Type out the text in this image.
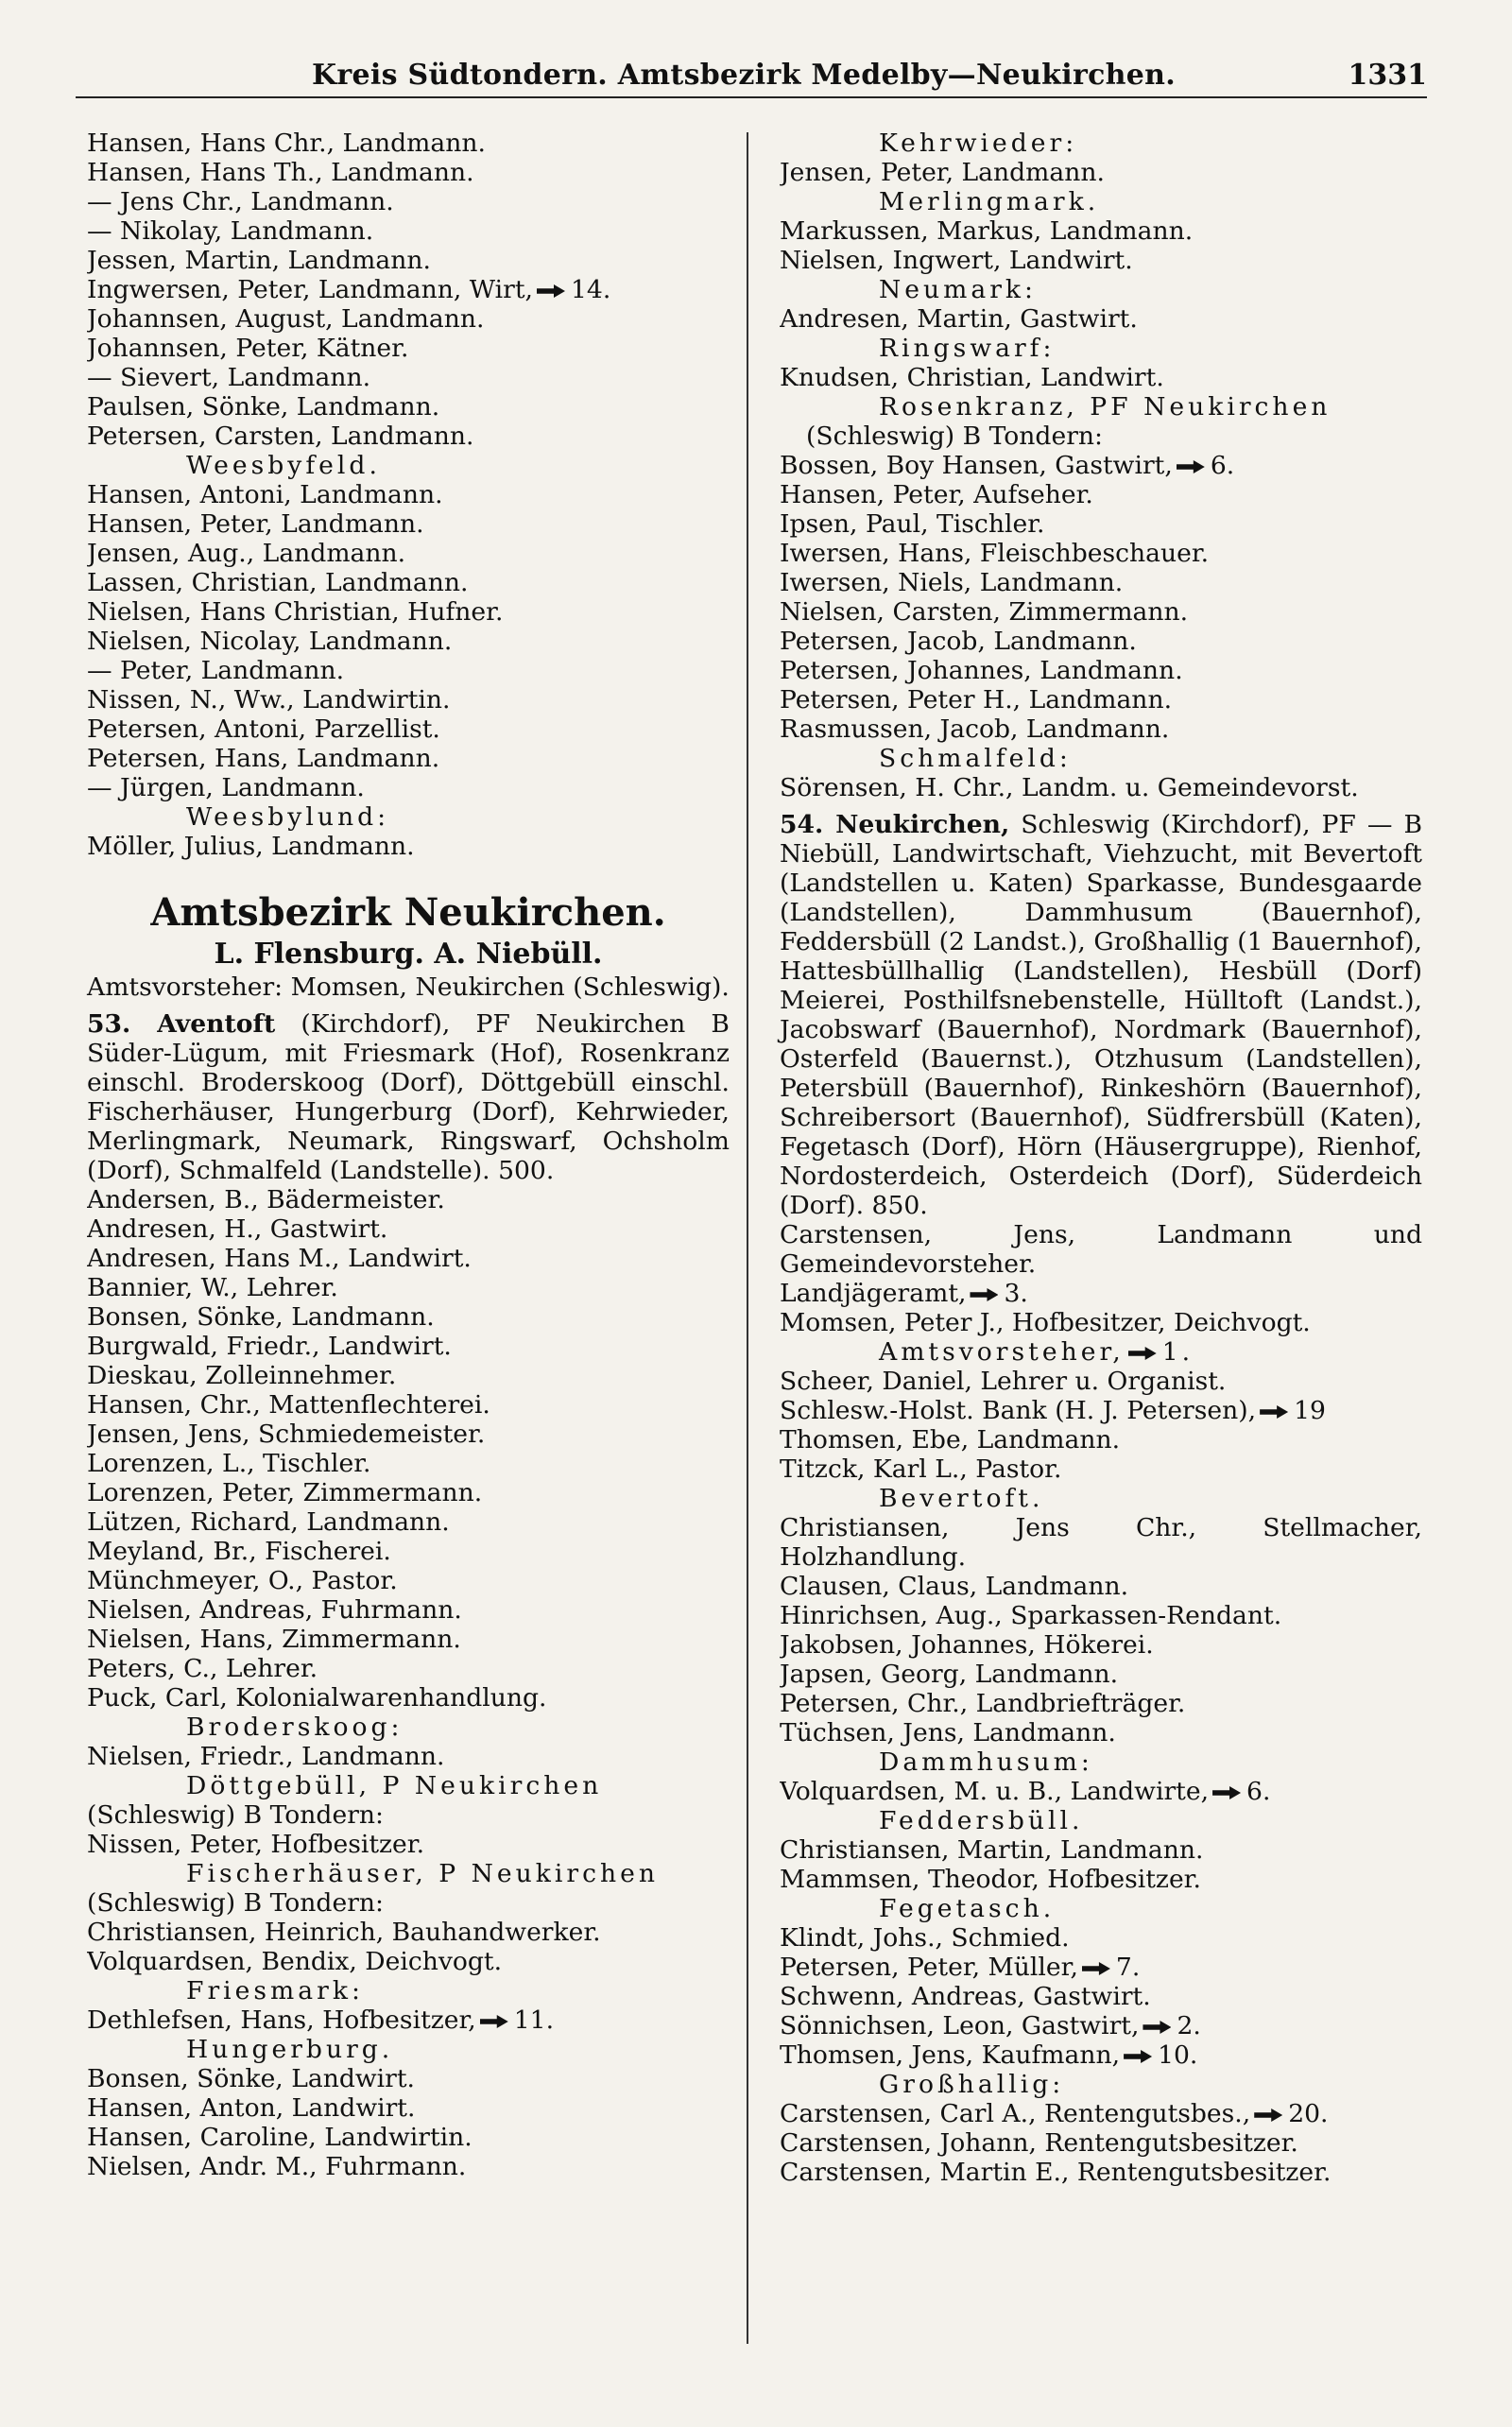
Kreis Südtondern. Amtsbezirk Medelby—Neukirchen.	1331
Hansen, Hans Chr., Landmann.
Hansen, Hans Th., Landmann.
— Jens Chr., Landmann.
— Nikolay, Landmann.
Jessen, Martin, Landmann.
Ingwersen, Peter, Landmann, Wirt, 14.
Johannsen, August, Landmann.
Johannsen, Peter, Kätner.
— Sievert, Landmann.
Paulsen, Sönke, Landmann.
Petersen, Carsten, Landmann.
Weesbyfeld.
Hansen, Antoni, Landmann.
Hansen, Peter, Landmann.
Jensen, Aug., Landmann.
Lassen, Christian, Landmann.
Nielsen, Hans Christian, Hufner.
Nielsen, Nicolay, Landmann.
— Peter, Landmann.
Nissen, N., Ww., Landwirtin.
Petersen, Antoni, Parzellist.
Petersen, Hans, Landmann.
— Jürgen, Landmann.
Weesbylund:
Möller, Julius, Landmann.
Amtsbezirk Neukirchen.
L. Flensburg. A. Niebüll.
Amtsvorsteher: Momsen, Neukirchen (Schleswig).
53. Aventoft (Kirchdorf), PF Neukirchen B Süder-Lügum, mit Friesmark (Hof), Rosenkranz einschl. Broderskoog (Dorf), Döttgebüll einschl. Fischerhäuser, Hungerburg (Dorf), Kehrwieder, Merlingmark, Neumark, Ringswarf, Ochsholm (Dorf), Schmalfeld (Landstelle). 500.
Andersen, B., Bädermeister.
Andresen, H., Gastwirt.
Andresen, Hans M., Landwirt.
Bannier, W., Lehrer.
Bonsen, Sönke, Landmann.
Burgwald, Friedr., Landwirt.
Dieskau, Zolleinnehmer.
Hansen, Chr., Mattenflechterei.
Jensen, Jens, Schmiedemeister.
Lorenzen, L., Tischler.
Lorenzen, Peter, Zimmermann.
Lützen, Richard, Landmann.
Meyland, Br., Fischerei.
Münchmeyer, O., Pastor.
Nielsen, Andreas, Fuhrmann.
Nielsen, Hans, Zimmermann.
Peters, C., Lehrer.
Puck, Carl, Kolonialwarenhandlung.
Broderskoog:
Nielsen, Friedr., Landmann.
Döttgebüll, P Neukirchen
(Schleswig) B Tondern:
Nissen, Peter, Hofbesitzer.
Fischerhäuser, P Neukirchen
(Schleswig) B Tondern:
Christiansen, Heinrich, Bauhandwerker.
Volquardsen, Bendix, Deichvogt.
Friesmark:
Dethlefsen, Hans, Hofbesitzer, 11.
Hungerburg.
Bonsen, Sönke, Landwirt.
Hansen, Anton, Landwirt.
Hansen, Caroline, Landwirtin.
Nielsen, Andr. M., Fuhrmann.
Kehrwieder:
Jensen, Peter, Landmann.
Merlingmark.
Markussen, Markus, Landmann.
Nielsen, Ingwert, Landwirt.
Neumark:
Andresen, Martin, Gastwirt.
Ringswarf:
Knudsen, Christian, Landwirt.
Rosenkranz, PF Neukirchen
(Schleswig) B Tondern:
Bossen, Boy Hansen, Gastwirt, 6.
Hansen, Peter, Aufseher.
Ipsen, Paul, Tischler.
Iwersen, Hans, Fleischbeschauer.
Iwersen, Niels, Landmann.
Nielsen, Carsten, Zimmermann.
Petersen, Jacob, Landmann.
Petersen, Johannes, Landmann.
Petersen, Peter H., Landmann.
Rasmussen, Jacob, Landmann.
Schmalfeld:
Sörensen, H. Chr., Landm. u. Gemeindevorst.
54. Neukirchen, Schleswig (Kirchdorf), PF — B Niebüll, Landwirtschaft, Viehzucht, mit Bevertoft (Landstellen u. Katen) Sparkasse, Bundesgaarde (Landstellen), Dammhusum (Bauernhof), Feddersbüll (2 Landst.), Großhallig (1 Bauernhof), Hattesbüllhallig (Landstellen), Hesbüll (Dorf) Meierei, Posthilfsnebenstelle, Hülltoft (Landst.), Jacobswarf (Bauernhof), Nordmark (Bauernhof), Osterfeld (Bauernst.), Otzhusum (Landstellen), Petersbüll (Bauernhof), Rinkeshörn (Bauernhof), Schreibersort (Bauernhof), Südfrersbüll (Katen), Fegetasch (Dorf), Hörn (Häusergruppe), Rienhof, Nordosterdeich, Osterdeich (Dorf), Süderdeich (Dorf). 850.
Carstensen, Jens, Landmann und Gemeindevorsteher.
Landjägeramt, 3.
Momsen, Peter J., Hofbesitzer, Deichvogt.
Amtsvorsteher, 1.
Scheer, Daniel, Lehrer u. Organist.
Schlesw.-Holst. Bank (H. J. Petersen), 19
Thomsen, Ebe, Landmann.
Titzck, Karl L., Pastor.
Bevertoft.
Christiansen, Jens Chr., Stellmacher, Holzhandlung.
Clausen, Claus, Landmann.
Hinrichsen, Aug., Sparkassen-Rendant.
Jakobsen, Johannes, Hökerei.
Japsen, Georg, Landmann.
Petersen, Chr., Landbriefträger.
Tüchsen, Jens, Landmann.
Dammhusum:
Volquardsen, M. u. B., Landwirte, 6.
Feddersbüll.
Christiansen, Martin, Landmann.
Mammsen, Theodor, Hofbesitzer.
Fegetasch.
Klindt, Johs., Schmied.
Petersen, Peter, Müller, 7.
Schwenn, Andreas, Gastwirt.
Sönnichsen, Leon, Gastwirt, 2.
Thomsen, Jens, Kaufmann, 10.
Großhallig:
Carstensen, Carl A., Rentengutsbes., 20.
Carstensen, Johann, Rentengutsbesitzer.
Carstensen, Martin E., Rentengutsbesitzer.
